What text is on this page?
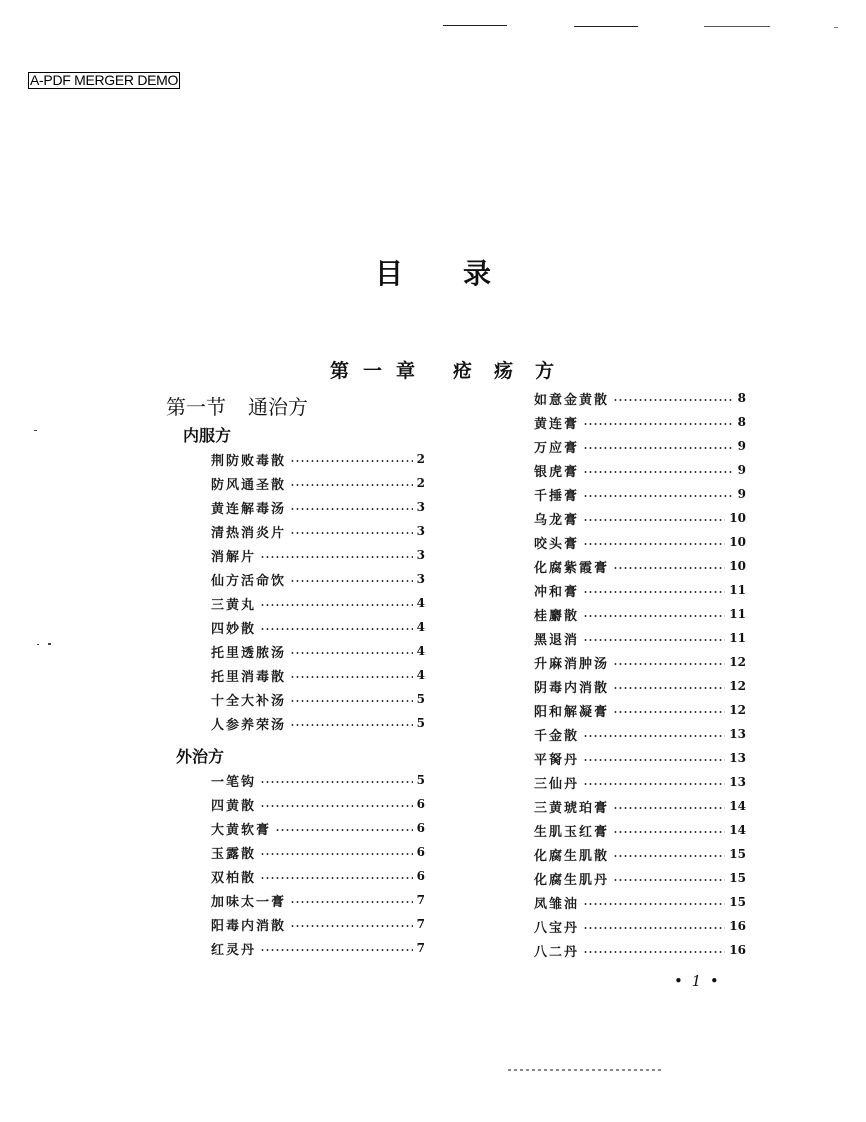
A-PDF MERGER DEMO
目录
第一章 疮疡方
第一节 通治方
内服方
外治方
荆防败毒散	2
防风通圣散	2
黄连解毒汤	3
清热消炎片	3
消解片	3
仙方活命饮	3
三黄丸	4
四妙散	4
托里透脓汤	4
托里消毒散	4
十全大补汤	5
人参养荣汤	5
一笔钩	5
四黄散	6
大黄软膏	6
玉露散	6
双柏散	6
加味太一膏	7
阳毒内消散	7
红灵丹	7
如意金黄散	8
黄连膏	8
万应膏	9
银虎膏	9
千捶膏	9
乌龙膏	10
咬头膏	10
化腐紫霞膏	10
冲和膏	11
桂麝散	11
黑退消	11
升麻消肿汤	12
阴毒内消散	12
阳和解凝膏	12
千金散	13
平胬丹	13
三仙丹	13
三黄琥珀膏	14
生肌玉红膏	14
化腐生肌散	15
化腐生肌丹	15
凤雏油	15
八宝丹	16
八二丹	16
• 1 •
